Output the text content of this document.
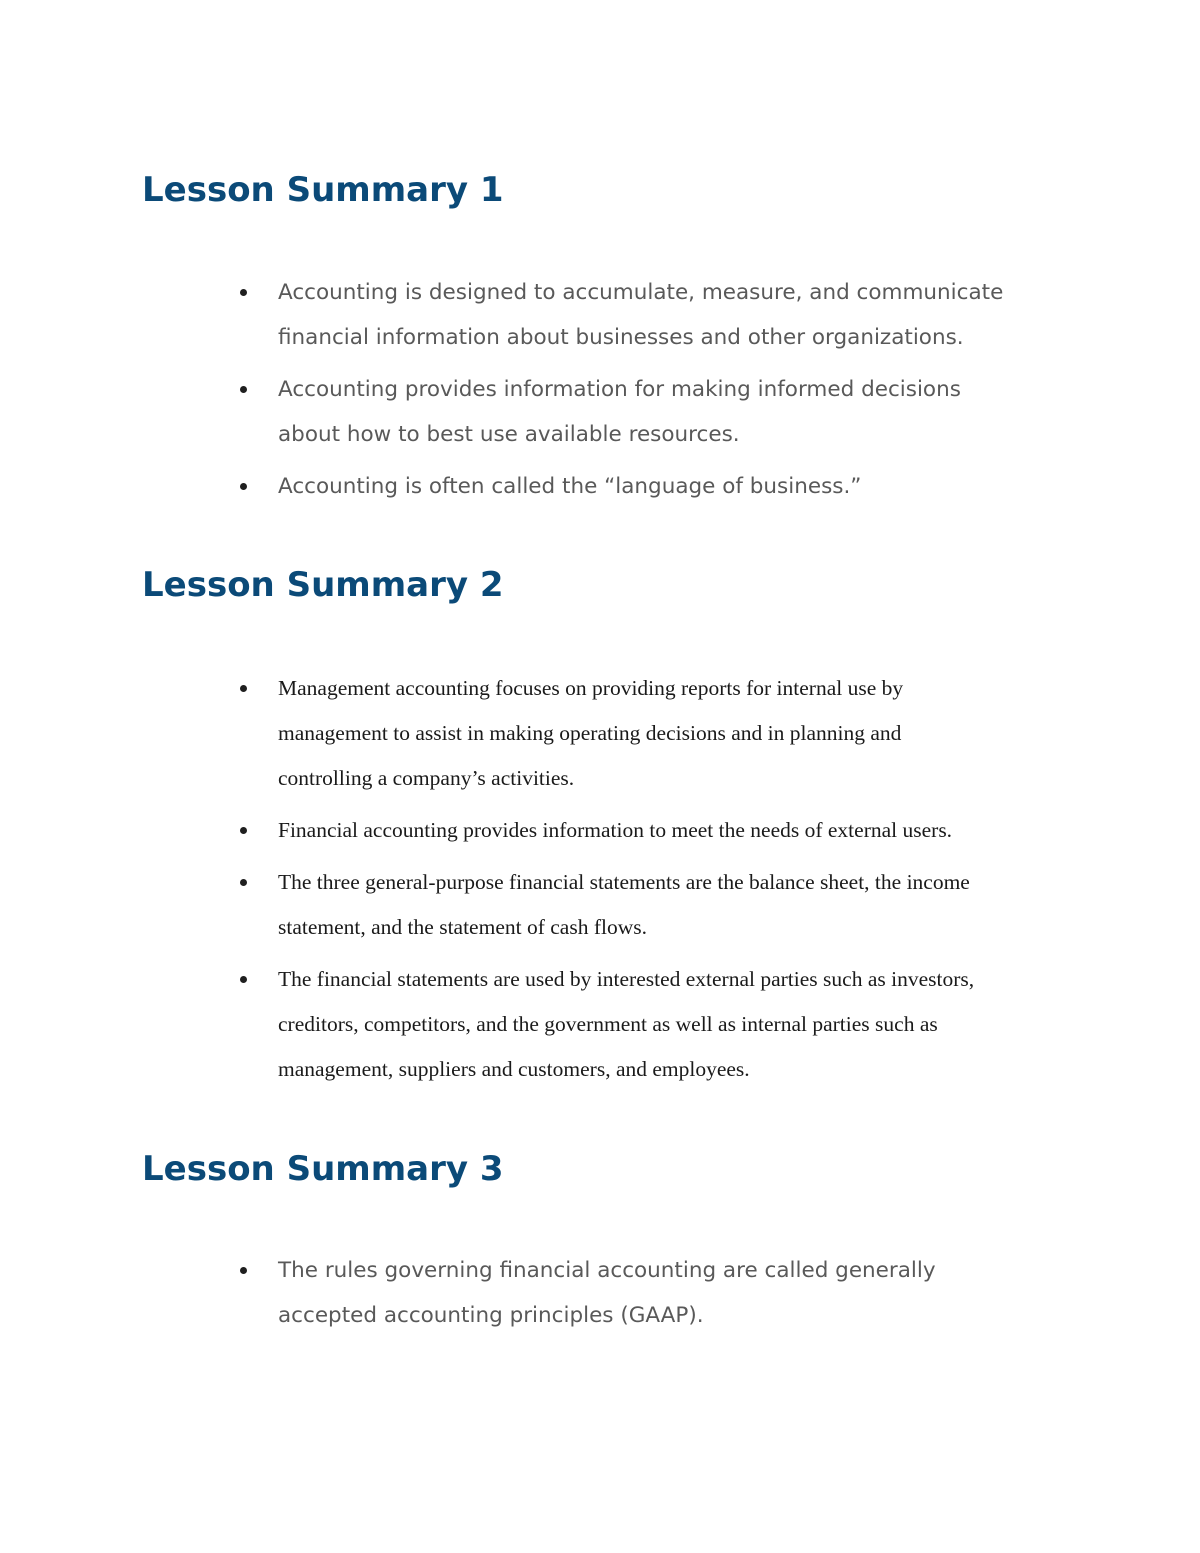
Lesson Summary 1
Accounting is designed to accumulate, measure, and communicate
financial information about businesses and other organizations.
Accounting provides information for making informed decisions
about how to best use available resources.
Accounting is often called the “language of business.”
Lesson Summary 2
Management accounting focuses on providing reports for internal use by
management to assist in making operating decisions and in planning and
controlling a company’s activities.
Financial accounting provides information to meet the needs of external users.
The three general-purpose financial statements are the balance sheet, the income
statement, and the statement of cash flows.
The financial statements are used by interested external parties such as investors,
creditors, competitors, and the government as well as internal parties such as
management, suppliers and customers, and employees.
Lesson Summary 3
The rules governing financial accounting are called generally
accepted accounting principles (GAAP).
